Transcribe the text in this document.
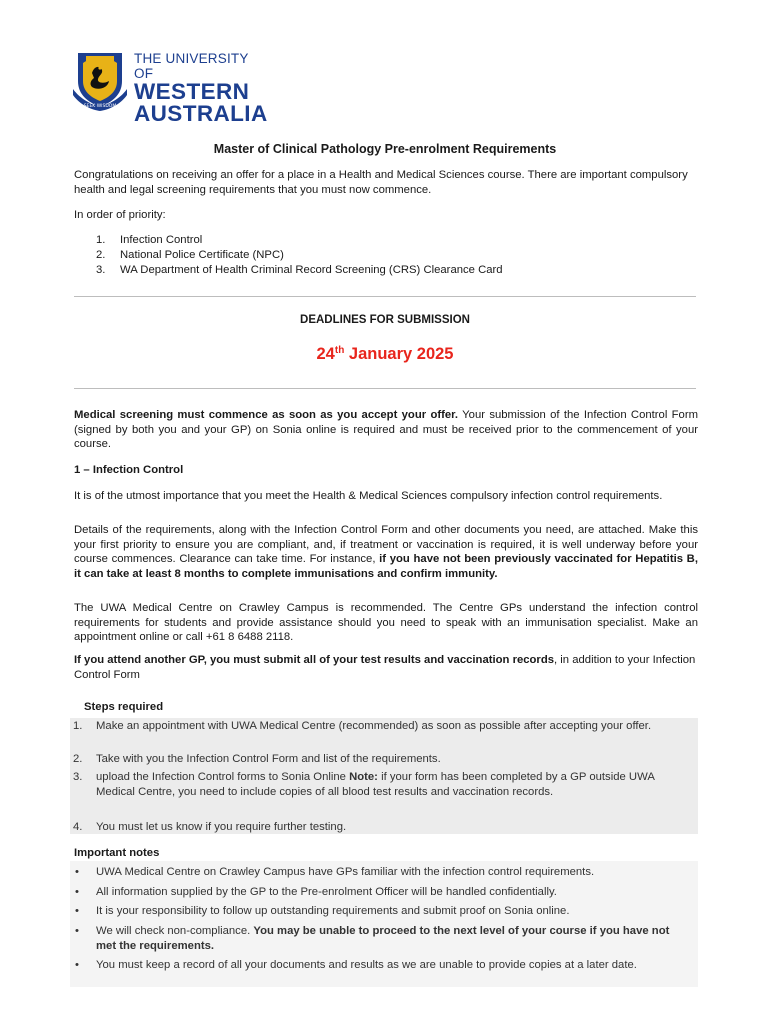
SEEK WISDOM
THE UNIVERSITY OF
WESTERN
AUSTRALIA
Master of Clinical Pathology Pre-enrolment Requirements
Congratulations on receiving an offer for a place in a Health and Medical Sciences course. There are important compulsory health and legal screening requirements that you must now commence.
In order of priority:
1.	Infection Control
2.	National Police Certificate (NPC)
3.	WA Department of Health Criminal Record Screening (CRS) Clearance Card
DEADLINES FOR SUBMISSION
24th January 2025
Medical screening must commence as soon as you accept your offer. Your submission of the Infection Control Form (signed by both you and your GP) on Sonia online is required and must be received prior to the commencement of your course.
1 – Infection Control
It is of the utmost importance that you meet the Health & Medical Sciences compulsory infection control requirements.
Details of the requirements, along with the Infection Control Form and other documents you need, are attached. Make this your first priority to ensure you are compliant, and, if treatment or vaccination is required, it is well underway before your course commences. Clearance can take time. For instance, if you have not been previously vaccinated for Hepatitis B, it can take at least 8 months to complete immunisations and confirm immunity.
The UWA Medical Centre on Crawley Campus is recommended. The Centre GPs understand the infection control requirements for students and provide assistance should you need to speak with an immunisation specialist. Make an appointment online or call +61 8 6488 2118.
If you attend another GP, you must submit all of your test results and vaccination records, in addition to your Infection Control Form
Steps required
1.	Make an appointment with UWA Medical Centre (recommended) as soon as possible after accepting your offer.
2.	Take with you the Infection Control Form and list of the requirements.
3.	upload the Infection Control forms to Sonia Online Note: if your form has been completed by a GP outside UWA Medical Centre, you need to include copies of all blood test results and vaccination records.
4.	You must let us know if you require further testing.
Important notes
•	UWA Medical Centre on Crawley Campus have GPs familiar with the infection control requirements.
•	All information supplied by the GP to the Pre-enrolment Officer will be handled confidentially.
•	It is your responsibility to follow up outstanding requirements and submit proof on Sonia online.
•	We will check non-compliance. You may be unable to proceed to the next level of your course if you have not met the requirements.
•	You must keep a record of all your documents and results as we are unable to provide copies at a later date.
